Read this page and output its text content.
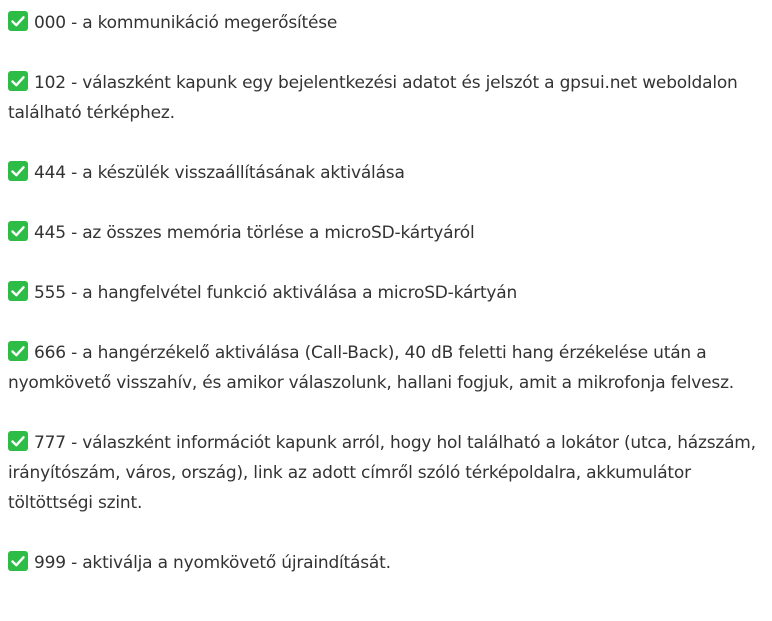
000 - a kommunikáció megerősítése

102 - válaszként kapunk egy bejelentkezési adatot és jelszót a gpsui.net weboldalon található térképhez.

444 - a készülék visszaállításának aktiválása

445 - az összes memória törlése a microSD-kártyáról

555 - a hangfelvétel funkció aktiválása a microSD-kártyán

666 - a hangérzékelő aktiválása (Call-Back), 40 dB feletti hang érzékelése után a nyomkövető visszahív, és amikor válaszolunk, hallani fogjuk, amit a mikrofonja felvesz.

777 - válaszként információt kapunk arról, hogy hol található a lokátor (utca, házszám, irányítószám, város, ország), link az adott címről szóló térképoldalra, akkumulátor töltöttségi szint.

999 - aktiválja a nyomkövető újraindítását.
